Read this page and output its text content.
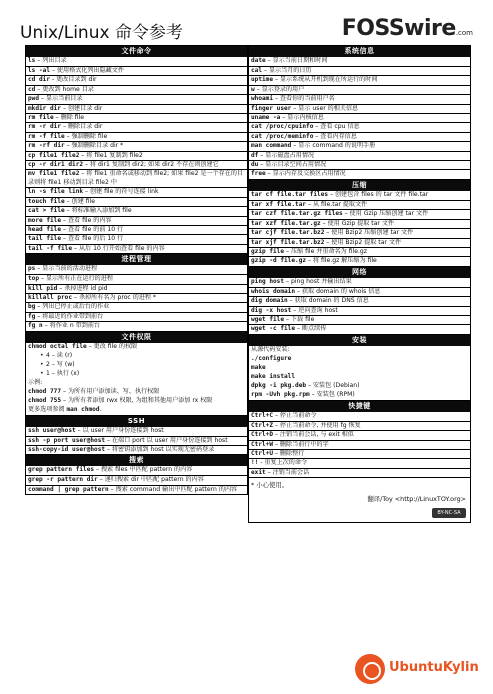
Unix/Linux 命令参考	FOSSwire.com
文件命令
ls – 列出目录
ls -al – 使用格式化列出隐藏文件
cd dir - 更改目录到 dir
cd – 更改到 home 目录
pwd – 显示当前目录
mkdir dir – 创建目录 dir
rm file – 删除 file
rm -r dir – 删除目录 dir
rm -f file – 强制删除 file
rm -rf dir – 强制删除目录 dir *
cp file1 file2 – 将 file1 复制到 file2
cp -r dir1 dir2 – 将 dir1 复制到 dir2; 如果 dir2 不存在则创建它
mv file1 file2 – 将 file1 重命名或移动到 file2; 如果 file2 是一个存在的目录则将 file1 移动到目录 file2 中
ln -s file link – 创建 file 的符号连接 link
touch file – 创建 file
cat > file – 将标准输入添加到 file
more file – 查看 file 的内容
head file – 查看 file 的前 10 行
tail file – 查看 file 的后 10 行
tail -f file – 从后 10 行开始查看 file 的内容
进程管理
ps – 显示当前的活动进程
top – 显示所有正在运行的进程
kill pid – 杀掉进程 id pid
killall proc – 杀掉所有名为 proc 的进程 *
bg – 列出已停止或后台的作业
fg – 将最近的作业带到前台
fg n – 将作业 n 带到前台
文件权限
chmod octal file – 更改 file 的权限
• 4 – 读 (r)
• 2 – 写 (w)
• 1 – 执行 (x)
示例:
chmod 777 – 为所有用户添加读、写、执行权限
chmod 755 – 为所有者添加 rwx 权限, 为组和其他用户添加 rx 权限
更多选项参阅 man chmod.
SSH
ssh user@host – 以 user 用户身份连接到 host
ssh -p port user@host – 在端口 port 以 user 用户身份连接到 host
ssh-copy-id user@host – 将密钥添加到 host 以实现无密码登录
搜索
grep pattern files – 搜索 files 中匹配 pattern 的内容
grep -r pattern dir – 递归搜索 dir 中匹配 pattern 的内容
command | grep pattern – 搜索 command 输出中匹配 pattern 的内容
系统信息
date – 显示当前日期和时间
cal – 显示当月的日历
uptime – 显示系统从开机到现在所运行的时间
w – 显示登录的用户
whoami – 查看你的当前用户名
finger user – 显示 user 的相关信息
uname -a – 显示内核信息
cat /proc/cpuinfo – 查看 cpu 信息
cat /proc/meminfo – 查看内存信息
man command – 显示 command 的说明手册
df – 显示磁盘占用情况
du – 显示目录空间占用情况
free – 显示内存及交换区占用情况
压缩
tar cf file.tar files – 创建包含 files 的 tar 文件 file.tar
tar xf file.tar – 从 file.tar 提取文件
tar czf file.tar.gz files – 使用 Gzip 压缩创建 tar 文件
tar xzf file.tar.gz – 使用 Gzip 提取 tar 文件
tar cjf file.tar.bz2 – 使用 Bzip2 压缩创建 tar 文件
tar xjf file.tar.bz2 – 使用 Bzip2 提取 tar 文件
gzip file – 压缩 file 并重命名为 file.gz
gzip -d file.gz – 将 file.gz 解压缩为 file
网络
ping host – ping host 并输出结果
whois domain – 获取 domain 的 whois 信息
dig domain – 获取 domain 的 DNS 信息
dig -x host – 逆向查询 host
wget file – 下载 file
wget -c file – 断点续传
安装
从源代码安装:
./configure
make
make install
dpkg -i pkg.deb – 安装包 (Debian)
rpm -Uvh pkg.rpm – 安装包 (RPM)
快捷键
Ctrl+C – 停止当前命令
Ctrl+Z – 停止当前命令, 并使用 fg 恢复
Ctrl+D – 注销当前会话, 与 exit 相似
Ctrl+W – 删除当前行中的字
Ctrl+U – 删除整行
!! - 重复上次的命令
exit – 注销当前会话
* 小心使用。
翻译/Toy <http://LinuxTOY.org>
BY-NC-SA
UbuntuKylin
